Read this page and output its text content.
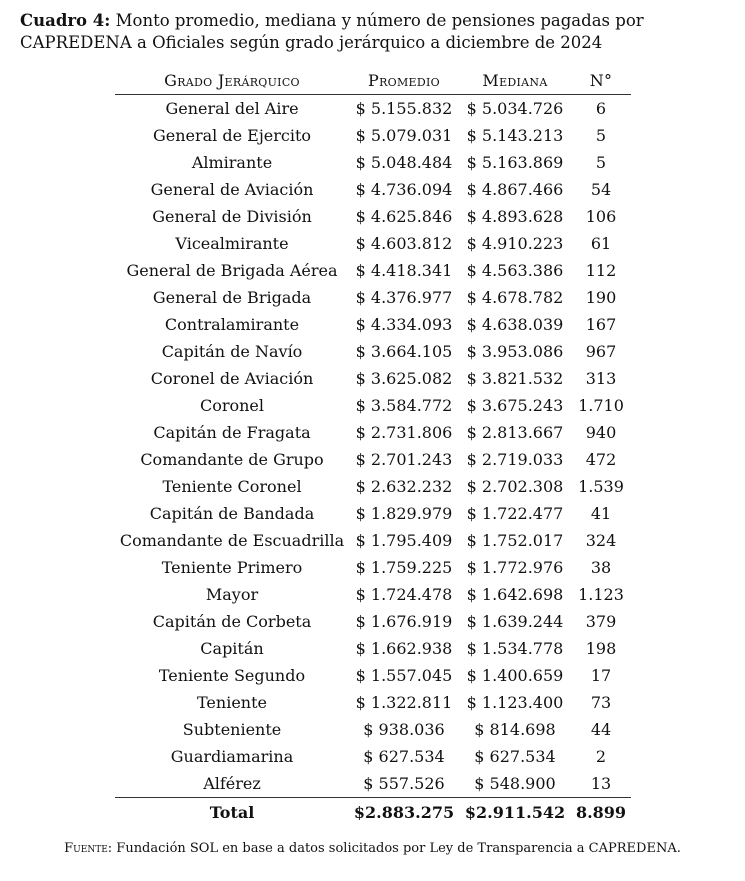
Cuadro 4: Monto promedio, mediana y número de pensiones pagadas por CAPREDENA a Oficiales según grado jerárquico a diciembre de 2024
Grado Jerárquico	Promedio	Mediana	N°
General del Aire	$ 5.155.832	$ 5.034.726	6
General de Ejercito	$ 5.079.031	$ 5.143.213	5
Almirante	$ 5.048.484	$ 5.163.869	5
General de Aviación	$ 4.736.094	$ 4.867.466	54
General de División	$ 4.625.846	$ 4.893.628	106
Vicealmirante	$ 4.603.812	$ 4.910.223	61
General de Brigada Aérea	$ 4.418.341	$ 4.563.386	112
General de Brigada	$ 4.376.977	$ 4.678.782	190
Contralamirante	$ 4.334.093	$ 4.638.039	167
Capitán de Navío	$ 3.664.105	$ 3.953.086	967
Coronel de Aviación	$ 3.625.082	$ 3.821.532	313
Coronel	$ 3.584.772	$ 3.675.243	1.710
Capitán de Fragata	$ 2.731.806	$ 2.813.667	940
Comandante de Grupo	$ 2.701.243	$ 2.719.033	472
Teniente Coronel	$ 2.632.232	$ 2.702.308	1.539
Capitán de Bandada	$ 1.829.979	$ 1.722.477	41
Comandante de Escuadrilla	$ 1.795.409	$ 1.752.017	324
Teniente Primero	$ 1.759.225	$ 1.772.976	38
Mayor	$ 1.724.478	$ 1.642.698	1.123
Capitán de Corbeta	$ 1.676.919	$ 1.639.244	379
Capitán	$ 1.662.938	$ 1.534.778	198
Teniente Segundo	$ 1.557.045	$ 1.400.659	17
Teniente	$ 1.322.811	$ 1.123.400	73
Subteniente	$ 938.036	$ 814.698	44
Guardiamarina	$ 627.534	$ 627.534	2
Alférez	$ 557.526	$ 548.900	13
Total	$2.883.275	$2.911.542	8.899
Fuente: Fundación SOL en base a datos solicitados por Ley de Transparencia a CAPREDENA.
